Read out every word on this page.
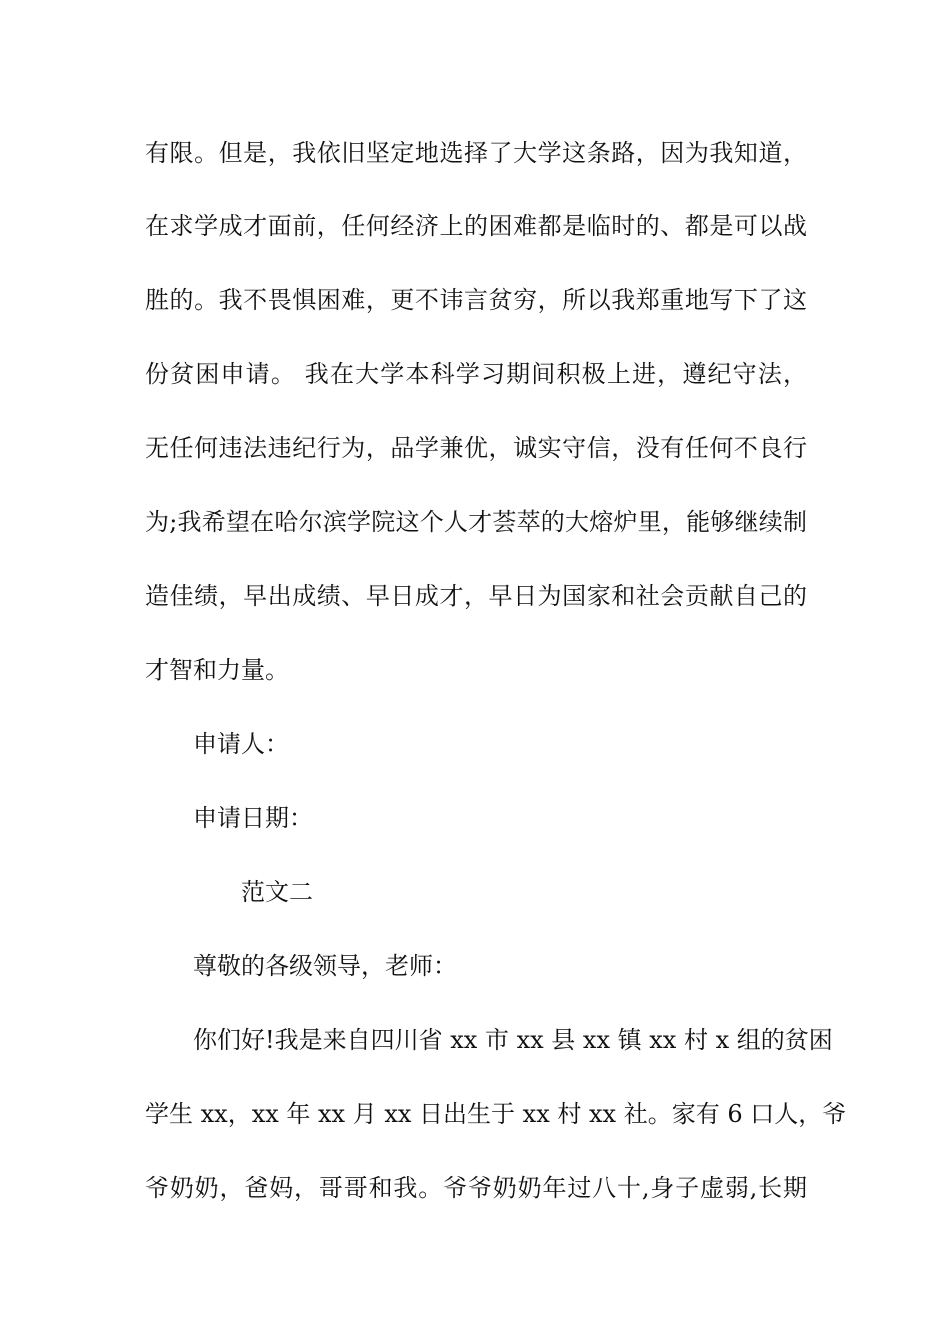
有限。但是，我依旧坚定地选择了大学这条路，因为我知道，
在求学成才面前，任何经济上的困难都是临时的、都是可以战
胜的。我不畏惧困难，更不讳言贫穷，所以我郑重地写下了这
份贫困申请。 我在大学本科学习期间积极上进，遵纪守法，
无任何违法违纪行为，品学兼优，诚实守信，没有任何不良行
为;我希望在哈尔滨学院这个人才荟萃的大熔炉里，能够继续制
造佳绩，早出成绩、早日成才，早日为国家和社会贡献自己的
才智和力量。
申请人：
申请日期：
范文二
尊敬的各级领导，老师：
你们好!我是来自四川省 xx 市 xx 县 xx 镇 xx 村 x 组的贫困
学生 xx，xx 年 xx 月 xx 日出生于 xx 村 xx 社。家有 6 口人，爷
爷奶奶，爸妈，哥哥和我。爷爷奶奶年过八十,身子虚弱,长期
